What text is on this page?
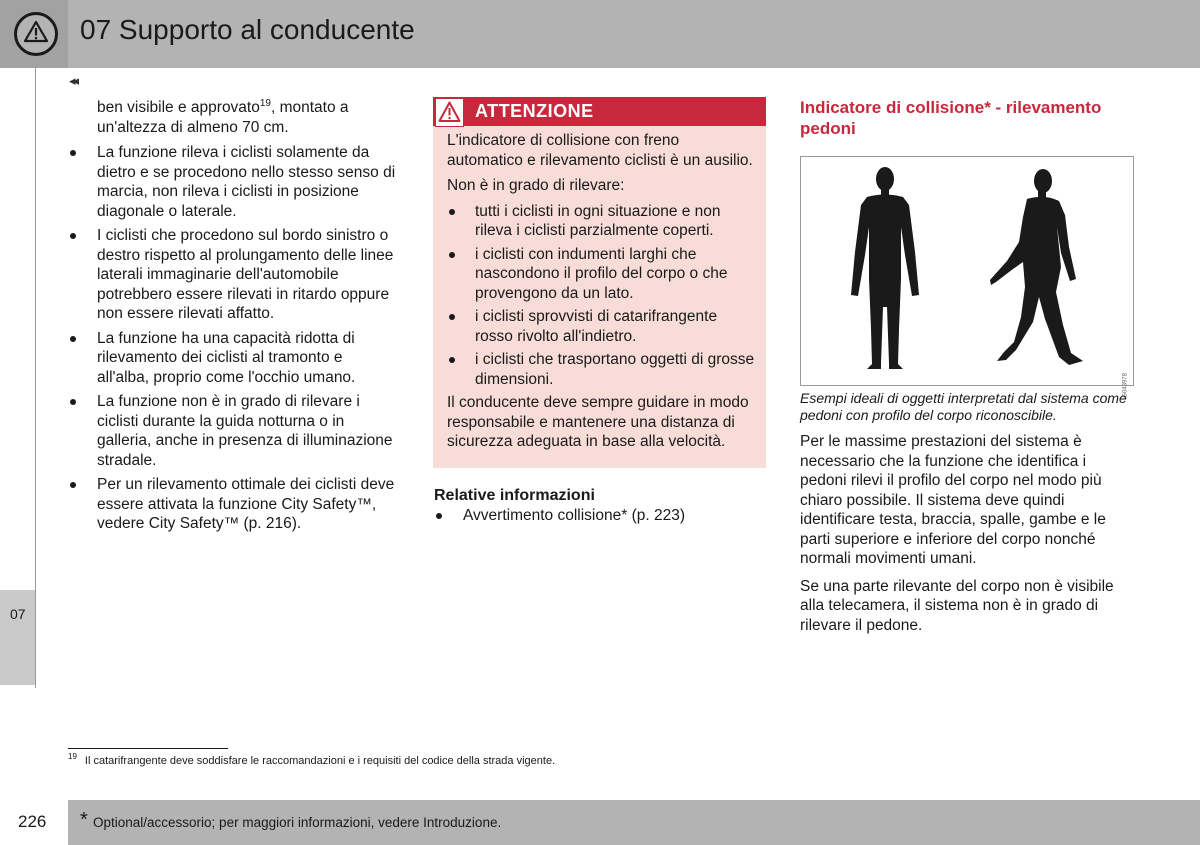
07 Supporto al conducente
◂◂
07

ben visibile e approvato$^{19}$, montato a un'altezza di almeno 70 cm.

La funzione rileva i ciclisti solamente da dietro e se procedono nello stesso senso di marcia, non rileva i ciclisti in posizione diagonale o laterale.
I ciclisti che procedono sul bordo sinistro o destro rispetto al prolungamento delle linee laterali immaginarie dell'automobile potrebbero essere rilevati in ritardo oppure non essere rilevati affatto.
La funzione ha una capacità ridotta di rilevamento dei ciclisti al tramonto e all'alba, proprio come l'occhio umano.
La funzione non è in grado di rilevare i ciclisti durante la guida notturna o in galleria, anche in presenza di illuminazione stradale.
Per un rilevamento ottimale dei ciclisti deve essere attivata la funzione City Safety™, vedere City Safety™ (p. 216).
ATTENZIONE

L'indicatore di collisione con freno automatico e rilevamento ciclisti è un ausilio.

Non è in grado di rilevare:

tutti i ciclisti in ogni situazione e non rileva i ciclisti parzialmente coperti.
i ciclisti con indumenti larghi che nascondono il profilo del corpo o che provengono da un lato.
i ciclisti sprovvisti di catarifrangente rosso rivolto all'indietro.
i ciclisti che trasportano oggetti di grosse dimensioni.

Il conducente deve sempre guidare in modo responsabile e mantenere una distanza di sicurezza adeguata in base alla velocità.

Relative informazioni
Avvertimento collisione* (p. 223)
Indicatore di collisione* - rilevamento pedoni
G043978
Esempi ideali di oggetti interpretati dal sistema come pedoni con profilo del corpo riconoscibile.

Per le massime prestazioni del sistema è necessario che la funzione che identifica i pedoni rilevi il profilo del corpo nel modo più chiaro possibile. Il sistema deve quindi identificare testa, braccia, spalle, gambe e le parti superiore e inferiore del corpo nonché normali movimenti umani.

Se una parte rilevante del corpo non è visibile alla telecamera, il sistema non è in grado di rilevare il pedone.

$^{19}$ Il catarifrangente deve soddisfare le raccomandazioni e i requisiti del codice della strada vigente.
226 * Optional/accessorio; per maggiori informazioni, vedere Introduzione.
